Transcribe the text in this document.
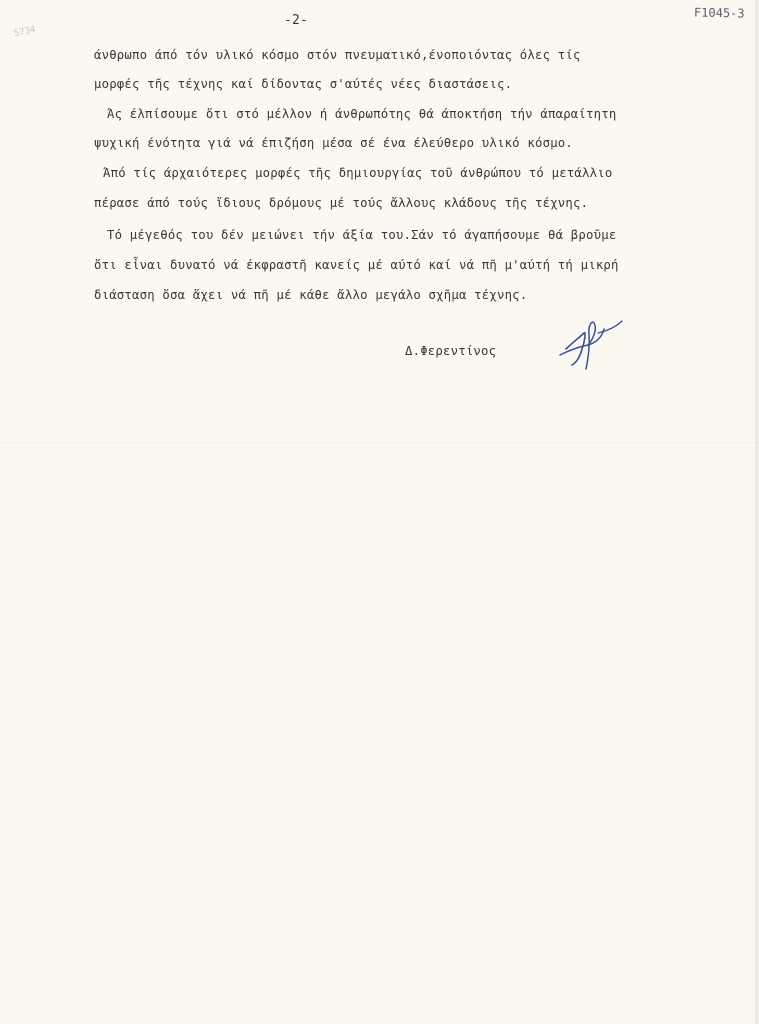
5734
F1045-3

-2-

άνθρωπο άπό τόν υλικό κόσμο στόν πνευματικό,ένοποιόντας όλες τίς

μορφές τῆς τέχνης καί δίδοντας σ'αύτές νέες διαστάσεις.

Άς έλπίσουμε ὄτι στό μέλλον ή άνθρωπότης θά άποκτήση τήν άπαραίτητη

ψυχική ένότητα γιά νά έπιζήση μέσα σέ ένα έλεύθερο υλικό κόσμο.

Άπό τίς άρχαιότερες μορφές τῆς δημιουργίας τοῦ άνθρώπου τό μετάλλιο

πέρασε άπό τούς ἴδιους δρόμους μέ τούς ἄλλους κλάδους τῆς τέχνης.

Τό μέγεθός του δέν μειώνει τήν άξία του.Σάν τό άγαπήσουμε θά βροῦμε

ὄτι εἶναι δυνατό νά έκφραστῆ κανείς μέ αύτό καί νά πῆ μ'αύτή τή μικρή

διάσταση ὄσα ἄχει νά πῆ μέ κάθε ἄλλο μεγάλο σχῆμα τέχνης.

Δ.Φερεντίνος
